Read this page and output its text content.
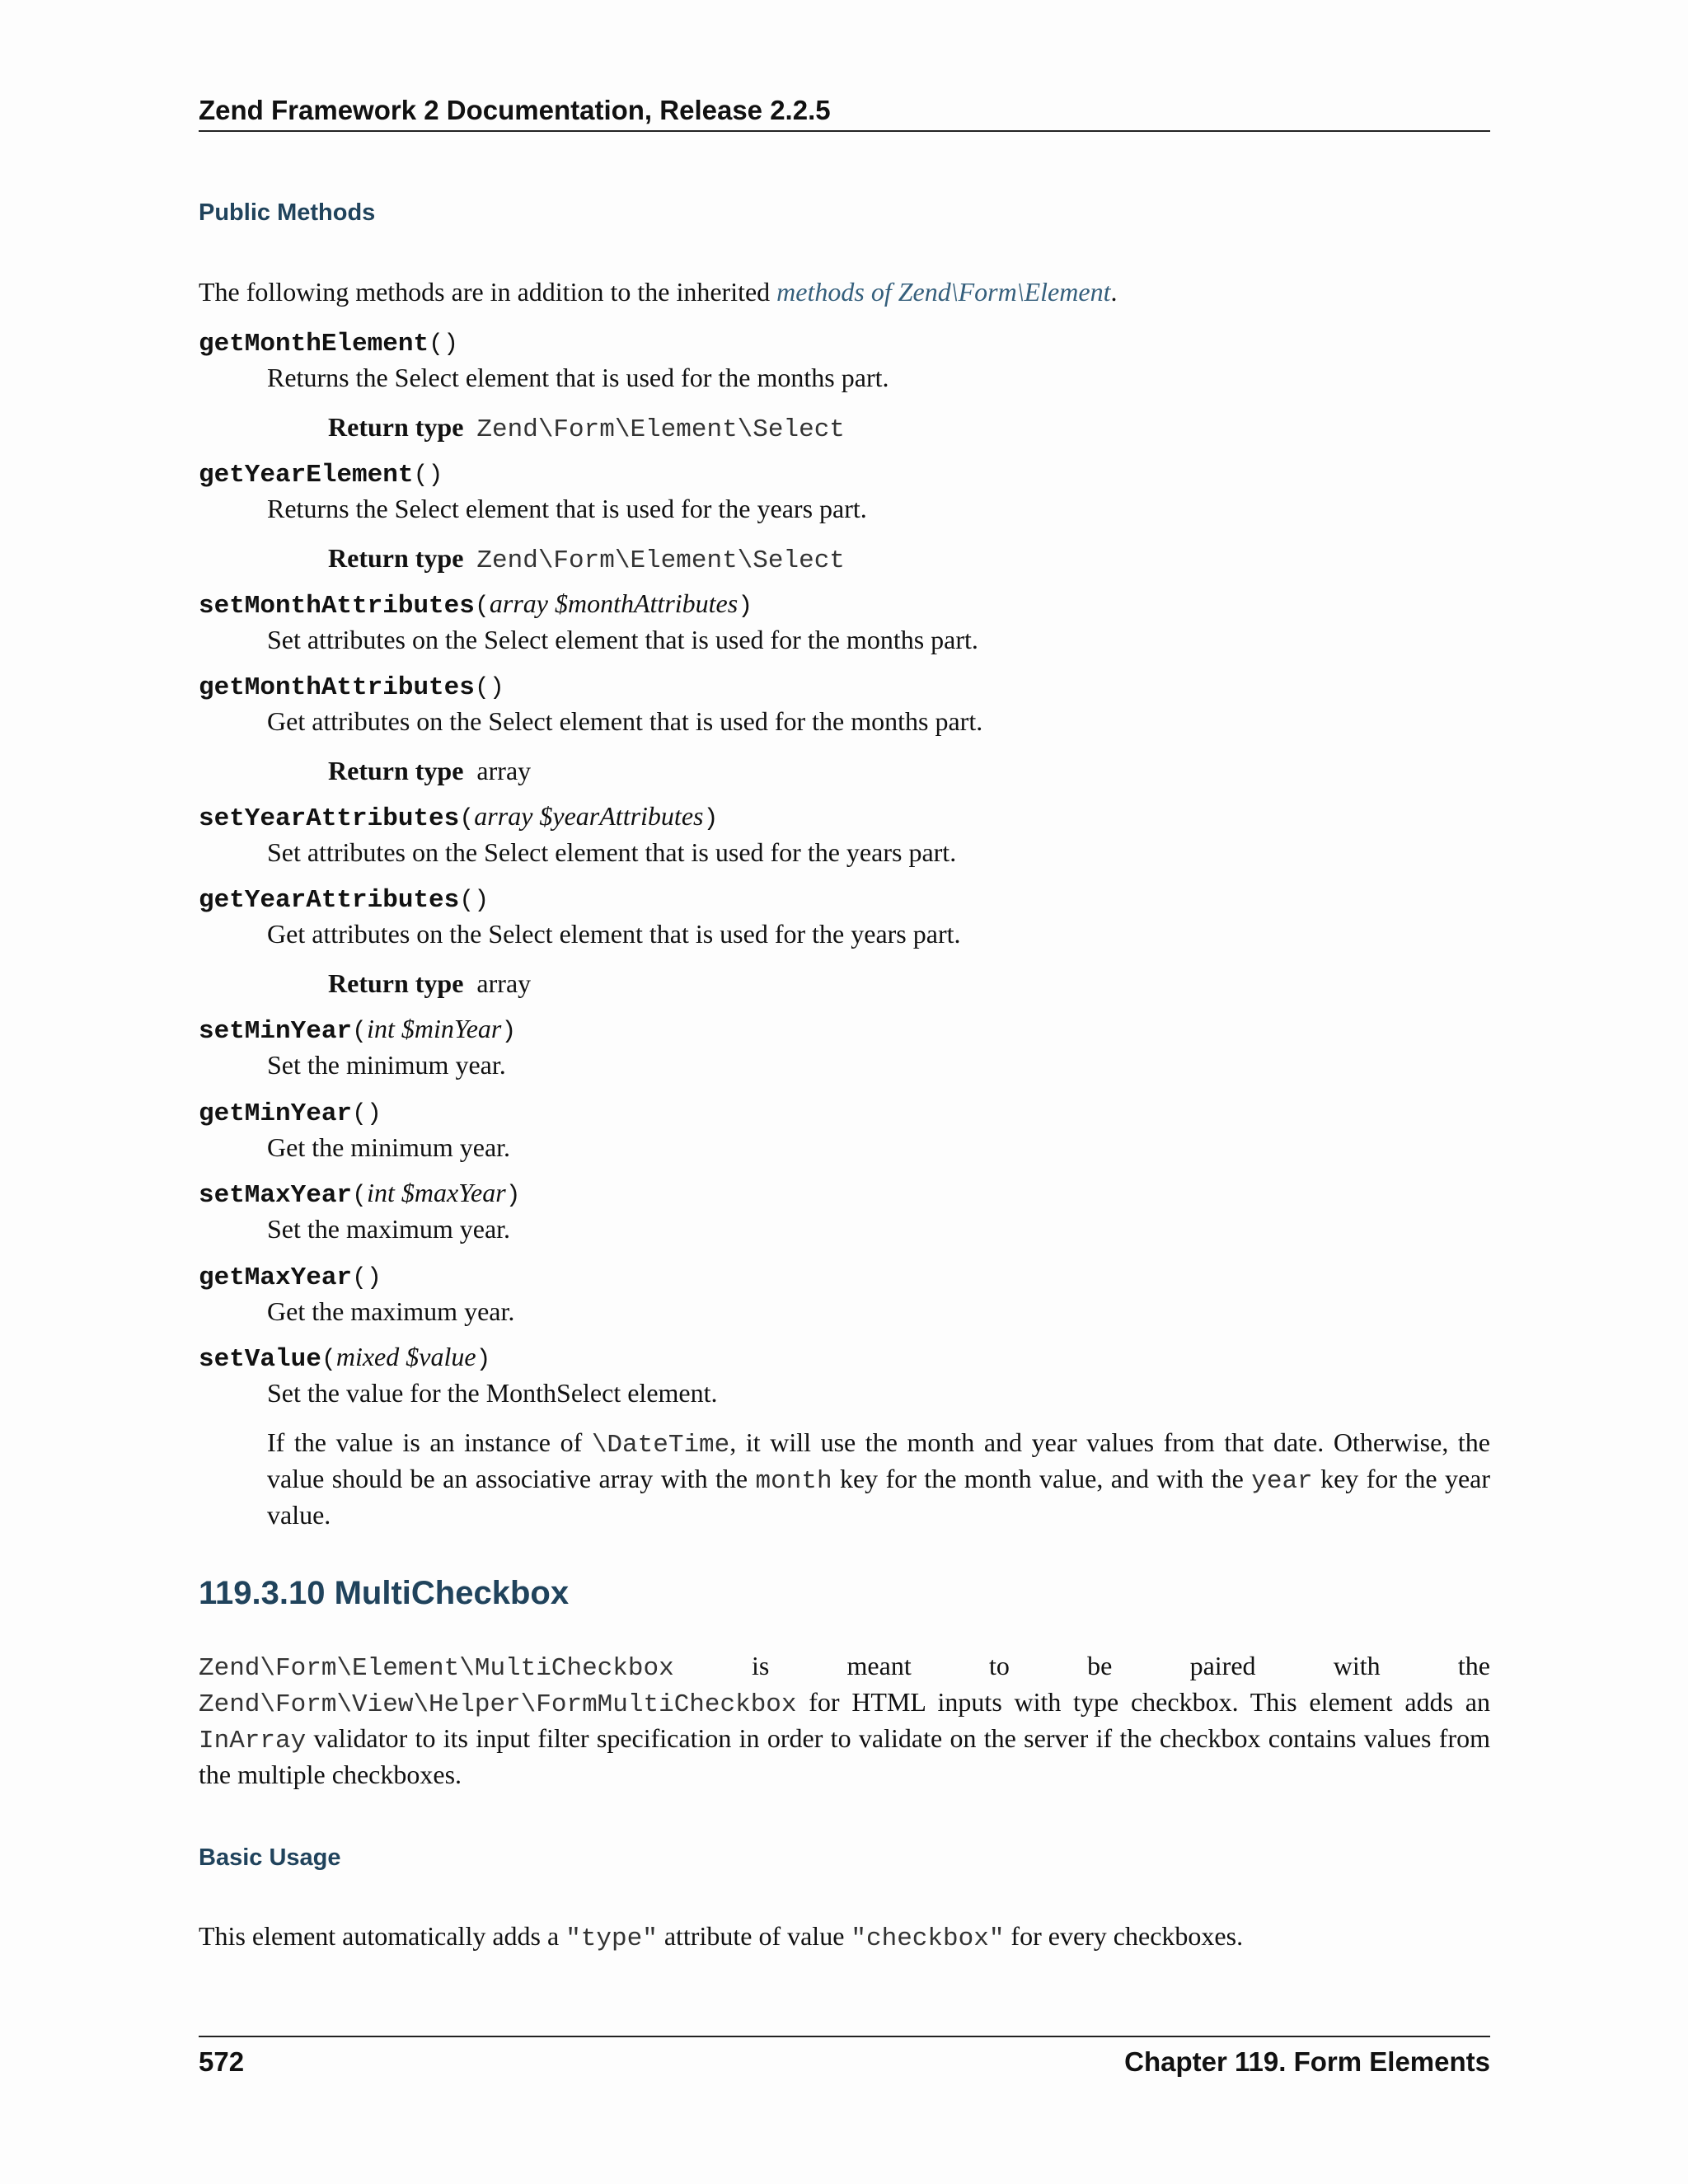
Zend Framework 2 Documentation, Release 2.2.5
Public Methods

The following methods are in addition to the inherited methods of Zend\Form\Element.

getMonthElement()
Returns the Select element that is used for the months part.
Return type Zend\Form\Element\Select
getYearElement()
Returns the Select element that is used for the years part.
Return type Zend\Form\Element\Select
setMonthAttributes(array $monthAttributes)
Set attributes on the Select element that is used for the months part.
getMonthAttributes()
Get attributes on the Select element that is used for the months part.
Return type array
setYearAttributes(array $yearAttributes)
Set attributes on the Select element that is used for the years part.
getYearAttributes()
Get attributes on the Select element that is used for the years part.
Return type array
setMinYear(int $minYear)
Set the minimum year.
getMinYear()
Get the minimum year.
setMaxYear(int $maxYear)
Set the maximum year.
getMaxYear()
Get the maximum year.
setValue(mixed $value)
Set the value for the MonthSelect element.
If the value is an instance of \DateTime, it will use the month and year values from that date. Otherwise, the value should be an associative array with the month key for the month value, and with the year key for the year value.
119.3.10 MultiCheckbox

Zend\Form\Element\MultiCheckbox is meant to be paired with the Zend\Form\View\Helper\FormMultiCheckbox for HTML inputs with type checkbox. This element adds an InArray validator to its input filter specification in order to validate on the server if the checkbox contains values from the multiple checkboxes.

Basic Usage

This element automatically adds a "type" attribute of value "checkbox" for every checkboxes.

572	Chapter 119. Form Elements
